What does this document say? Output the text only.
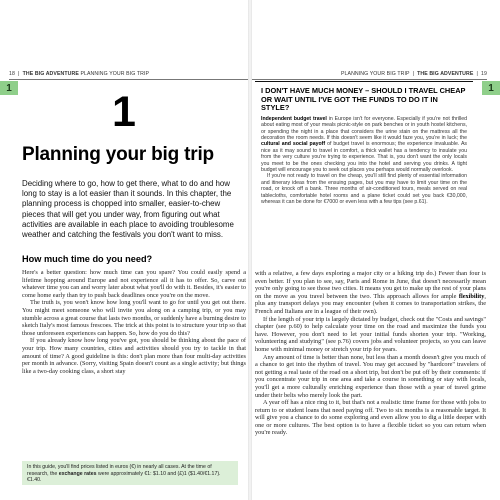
18  |  THE BIG ADVENTURE PLANNING YOUR BIG TRIP
1	1
Planning your big trip

Deciding where to go, how to get there, what to do and how long to stay is a lot easier than it sounds. In this chapter, the planning process is chopped into smaller, easier-to-chew pieces that will get you under way, from figuring out what activities are available in each place to avoiding troublesome weather and catching the festivals you don't want to miss.

How much time do you need?

Here's a better question: how much time can you spare? You could easily spend a lifetime hopping around Europe and not experience all it has to offer. So, carve out whatever time you can and worry later about what you'll do with it. Besides, it's easier to come home early than try to push back deadlines once you're on the move.

The truth is, you won't know how long you'll want to go for until you get out there. You might meet someone who will invite you along on a camping trip, or you may stumble across a great course that lasts two months, or suddenly have a burning desire to sketch Italy's most famous frescoes. The trick at this point is to structure your trip so that those unforeseen experiences can happen. So, how do you do this?

If you already know how long you've got, you should be thinking about the pace of your trip. How many countries, cities and activities should you try to tackle in that amount of time? A good guideline is this: don't plan more than four multi-day activities per month in advance. (Sorry, visiting Spain doesn't count as a single activity; but things like a two-day cooking class, a short stay

In this guide, you'll find prices listed in euros (€) in nearly all cases. At the time of research, the exchange rates were approximately €1: $1.10 and (£)1 ($1.40/€1.17). €1.40.
PLANNING YOUR BIG TRIP  |  THE BIG ADVENTURE  |  19
1
I DON'T HAVE MUCH MONEY – SHOULD I TRAVEL CHEAP OR WAIT UNTIL I'VE GOT THE FUNDS TO DO IT IN STYLE?

Independent budget travel in Europe isn't for everyone. Especially if you're not thrilled about eating most of your meals picnic-style on park benches or in youth hostel kitchens, or spending the night in a place that considers the urine stain on the mattress all the decoration the room needs. If this doesn't seem like it would faze you, you're in luck; the cultural and social payoff of budget travel is enormous; the experience invaluable. As nice as it may sound to travel in comfort, a thick wallet has a tendency to insulate you from the very culture you're trying to experience. That is, you don't want the only locals you meet to be the ones checking you into the hotel and serving you drinks. A tight budget will encourage you to seek out places you perhaps would normally overlook.

If you're not ready to travel on the cheap, you'll still find plenty of essential information and itinerary ideas from the ensuing pages, but you may have to limit your time on the road, or knock off a bank. Three months of air-conditioned tours, meals served on real tablecloths, comfortable hotel rooms and a plane ticket could set you back €30,000, whereas it can be done for €7000 or even less with a few tips (see p.61).

with a relative, a few days exploring a major city or a hiking trip do.) Fewer than four is even better. If you plan to see, say, Paris and Rome in June, that doesn't necessarily mean you're only going to see those two cities. It means you get to make up the rest of your plans on the move as you travel between the two. This approach allows for ample flexibility, plus any transport delays you may encounter (when it comes to transportation strikes, the French and Italians are in a league of their own).

If the length of your trip is largely dictated by budget, check out the "Costs and savings" chapter (see p.60) to help calculate your time on the road and maximize the funds you have. However, you don't need to let your initial funds shorten your trip. "Working, volunteering and studying" (see p.76) covers jobs and volunteer projects, so you can leave home with minimal money or stretch your trip for years.

Any amount of time is better than none, but less than a month doesn't give you much of a chance to get into the rhythm of travel. You may get accused by "hardcore" travelers of not getting a real taste of the road on a short trip, but don't be put off by their comments: if you concentrate your trip in one area and take a course in something or stay with locals, you'll get a more culturally enriching experience than those with a year of travel grime under their belts who merely look the part.

A year off has a nice ring to it, but that's not a realistic time frame for those with jobs to return to or student loans that need paying off. Two to six months is a reasonable target. It will give you a chance to do some exploring and even allow you to dig a little deeper with one or more cultures. The best option is to have a flexible ticket so you can return when you're ready.
